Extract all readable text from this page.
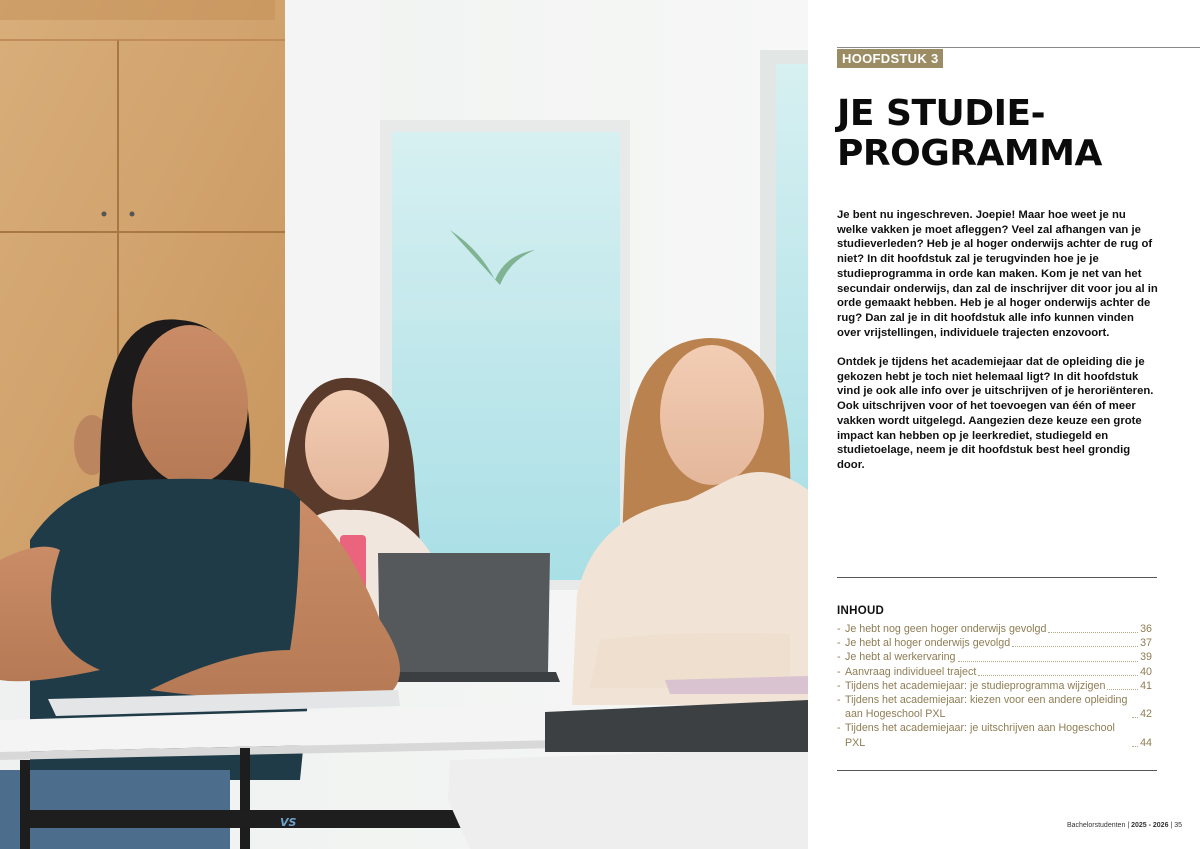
VS
HOOFDSTUK 3
JE STUDIE-
PROGRAMMA

Je bent nu ingeschreven. Joepie! Maar hoe weet je nu welke vakken je moet afleggen? Veel zal afhangen van je studieverleden? Heb je al hoger onderwijs achter de rug of niet? In dit hoofdstuk zal je terugvinden hoe je je studieprogramma in orde kan maken. Kom je net van het secundair onderwijs, dan zal de inschrijver dit voor jou al in orde gemaakt hebben. Heb je al hoger onderwijs achter de rug? Dan zal je in dit hoofdstuk alle info kunnen vinden over vrijstellingen, individuele trajecten enzovoort.

Ontdek je tijdens het academiejaar dat de opleiding die je gekozen hebt je toch niet helemaal ligt? In dit hoofdstuk vind je ook alle info over je uitschrijven of je heroriënteren. Ook uitschrijven voor of het toevoegen van één of meer vakken wordt uitgelegd. Aangezien deze keuze een grote impact kan hebben op je leerkrediet, studiegeld en studietoelage, neem je dit hoofdstuk best heel grondig door.

INHOUD
- Je hebt nog geen hoger onderwijs gevolgd	36
- Je hebt al hoger onderwijs gevolgd	37
- Je hebt al werkervaring	39
- Aanvraag individueel traject	40
- Tijdens het academiejaar: je studieprogramma wijzigen	41
- Tijdens het academiejaar: kiezen voor een andere opleiding aan Hogeschool PXL	42
- Tijdens het academiejaar: je uitschrijven aan Hogeschool PXL	44
Bachelorstudenten | 2025 - 2026 | 35
